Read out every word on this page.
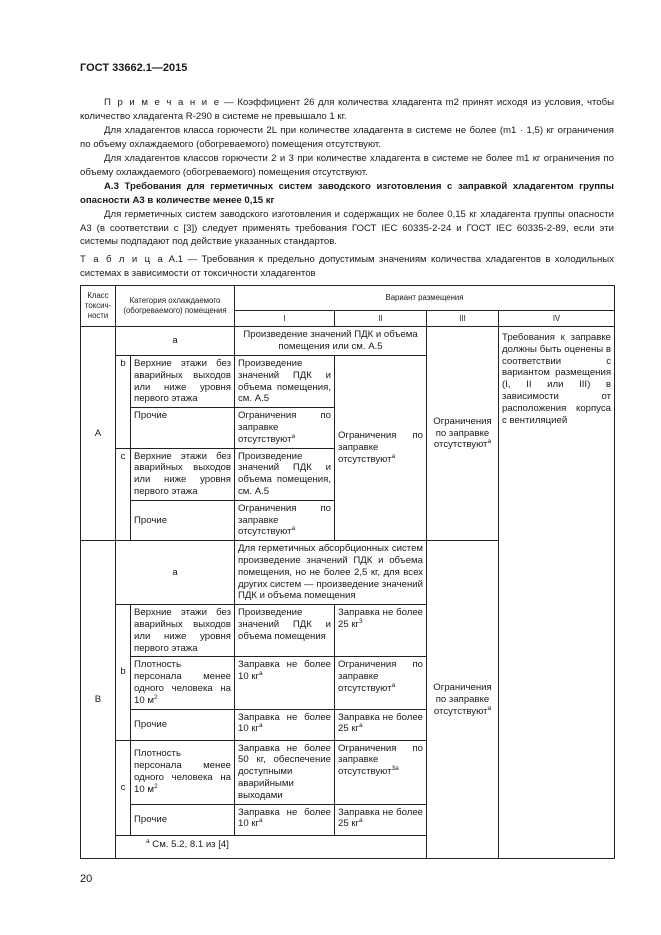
ГОСТ 33662.1—2015

П р и м е ч а н и е — Коэффициент 26 для количества хладагента m2 принят исходя из условия, чтобы количество хладагента R-290 в системе не превышало 1 кг.

Для хладагентов класса горючести 2L при количестве хладагента в системе не более (m1 · 1,5) кг ограничения по объему охлаждаемого (обогреваемого) помещения отсутствуют.

Для хладагентов классов горючести 2 и 3 при количестве хладагента в системе не более m1 кг ограничения по объему охлаждаемого (обогреваемого) помещения отсутствуют.

А.3 Требования для герметичных систем заводского изготовления с заправкой хладагентом группы опасности А3 в количестве менее 0,15 кг

Для герметичных систем заводского изготовления и содержащих не более 0,15 кг хладагента группы опасности А3 (в соответствии с [3]) следует применять требования ГОСТ IEC 60335-2-24 и ГОСТ IEC 60335-2-89, если эти системы подпадают под действие указанных стандартов.

Т а б л и ц а А.1 — Требования к предельно допустимым значениям количества хладагентов в холодильных системах в зависимости от токсичности хладагентов

Класс токсич-ности	Категория охлаждаемого (обогреваемого) помещения		Вариант размещения			
			I	II	III	IV
A	a		Произведение значений ПДК и объема помещения или см. А.5		Ограничения по заправке отсутствуют$^a$	Требования к заправке должны быть оценены в соответствии с вариантом размещения (I, II или III) в зависимости от расположения корпуса с вентиляцией
	b	Верхние этажи без аварийных выходов или ниже уровня первого этажа	Произведение значений ПДК и объема помещения, см. А.5	Ограничения по заправке отсутствуют$^a$
		Прочие	Ограничения по заправке отсутствуют$^a$
	c	Верхние этажи без аварийных выходов или ниже уровня первого этажа	Произведение значений ПДК и объема помещения, см. А.5			
		Прочие	Ограничения по заправке отсутствуют$^a$
B	a		Для герметичных абсорбционных систем произведение значений ПДК и объема помещения, но не более 2,5 кг, для всех других систем — произведение значений ПДК и объема помещения		Ограничения по заправке отсутствуют$^a$
	b	Верхние этажи без аварийных выходов или ниже уровня первого этажа	Произведение значений ПДК и объема помещения	Заправка не более 25 $кг^3$
		Плотность персонала менее одного человека на 10 $м^2$	Заправка не более 10 $кг^a$	Ограничения по заправке отсутствуют$^a$
		Прочие	Заправка не более 10 $кг^a$	Заправка не более 25 $кг^a$
	c	Плотность персонала менее одного человека на 10 $м^2$	Заправка не более 50 кг, обеспечение доступными аварийными выходами	Ограничения по заправке отсутствуют$^{3a}$
		Прочие	Заправка не более 10 $кг^a$	Заправка не более 25 $кг^a$
	$^a$ См. 5.2, 8.1 из [4]					
20
